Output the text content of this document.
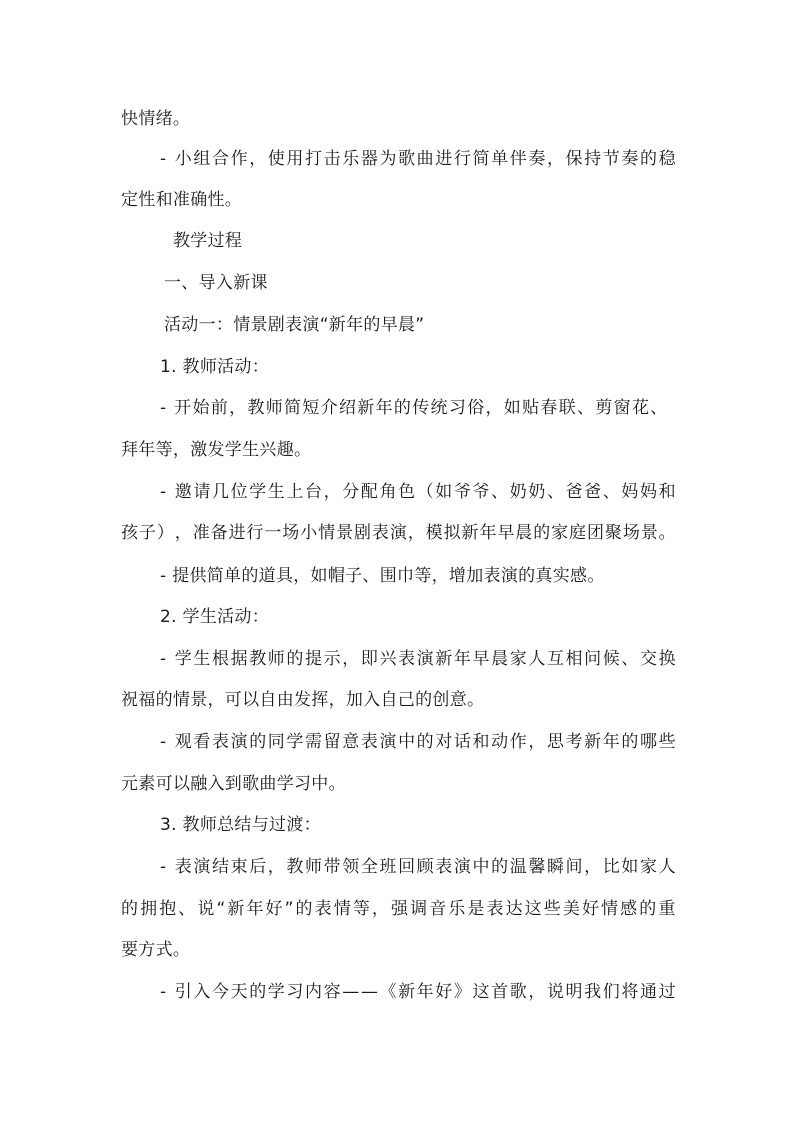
快情绪。
-
小 组 合 作 ， 使 用 打 击 乐 器 为 歌 曲 进 行 简 单 伴 奏 ， 保 持 节 奏 的 稳
定性和准确性。
教学过程
一、导入新课
活动一：情景剧表演“新年的早晨”
1. 教师活动：
-
开 始 前 ， 教 师 简 短 介 绍 新 年 的 传 统 习 俗 ， 如 贴 春 联 、 剪 窗 花 、
拜年等，激发学生兴趣。
-
邀 请 几 位 学 生 上 台 ， 分 配 角 色 （ 如 爷 爷 、 奶 奶 、 爸 爸 、 妈 妈 和
孩 子 ） ， 准 备 进 行 一 场 小 情 景 剧 表 演 ， 模 拟 新 年 早 晨 的 家 庭 团 聚 场 景 。
- 提供简单的道具，如帽子、围巾等，增加表演的真实感。
2. 学生活动：
-
学 生 根 据 教 师 的 提 示 ， 即 兴 表 演 新 年 早 晨 家 人 互 相 问 候 、 交 换
祝福的情景，可以自由发挥，加入自己的创意。
-
观 看 表 演 的 同 学 需 留 意 表 演 中 的 对 话 和 动 作 ， 思 考 新 年 的 哪 些
元素可以融入到歌曲学习中。
3. 教师总结与过渡：
-
表 演 结 束 后 ， 教 师 带 领 全 班 回 顾 表 演 中 的 温 馨 瞬 间 ， 比 如 家 人
的 拥 抱 、 说 “ 新 年 好 ” 的 表 情 等 ， 强 调 音 乐 是 表 达 这 些 美 好 情 感 的 重
要方式。
-
引 入 今 天 的 学 习 内 容 — — 《 新 年 好 》 这 首 歌 ， 说 明 我 们 将 通 过
